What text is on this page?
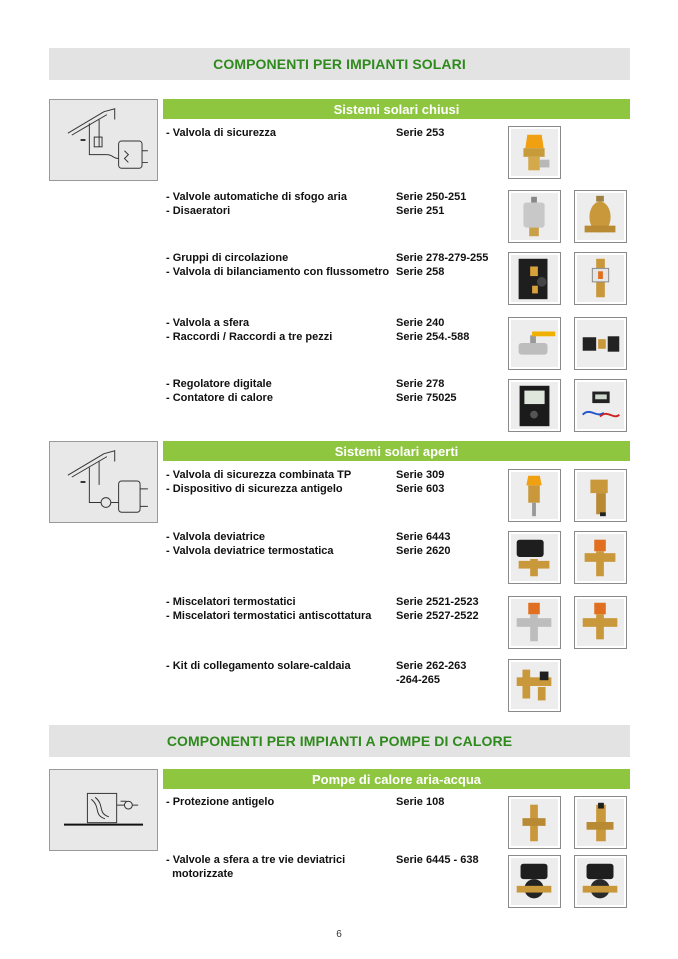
COMPONENTI PER IMPIANTI SOLARI
COMPONENTI PER IMPIANTI A POMPE DI CALORE
Sistemi solari chiusi
Sistemi solari aperti
Pompe di calore aria-acqua
- Valvola di sicurezza	Serie 253
- Valvole automatiche di sfogo aria	Serie 250-251
- Disaeratori	Serie 251
- Gruppi di circolazione	Serie 278-279-255
- Valvola di bilanciamento con flussometro Serie 258
- Valvola a sfera	Serie 240
- Raccordi / Raccordi a tre pezzi	Serie 254.-588
- Regolatore digitale	Serie 278
- Contatore di calore	Serie 75025
- Valvola di sicurezza combinata TP	Serie 309
- Dispositivo di sicurezza antigelo	Serie 603
- Valvola deviatrice	Serie 6443
- Valvola deviatrice termostatica	Serie 2620
- Miscelatori termostatici	Serie 2521-2523
- Miscelatori termostatici antiscottatura	Serie 2527-2522
- Kit di collegamento solare-caldaia	Serie 262-263
-264-265
- Protezione antigelo	Serie 108
- Valvole a sfera a tre vie deviatrici	Serie 6445 - 638
motorizzate
6
